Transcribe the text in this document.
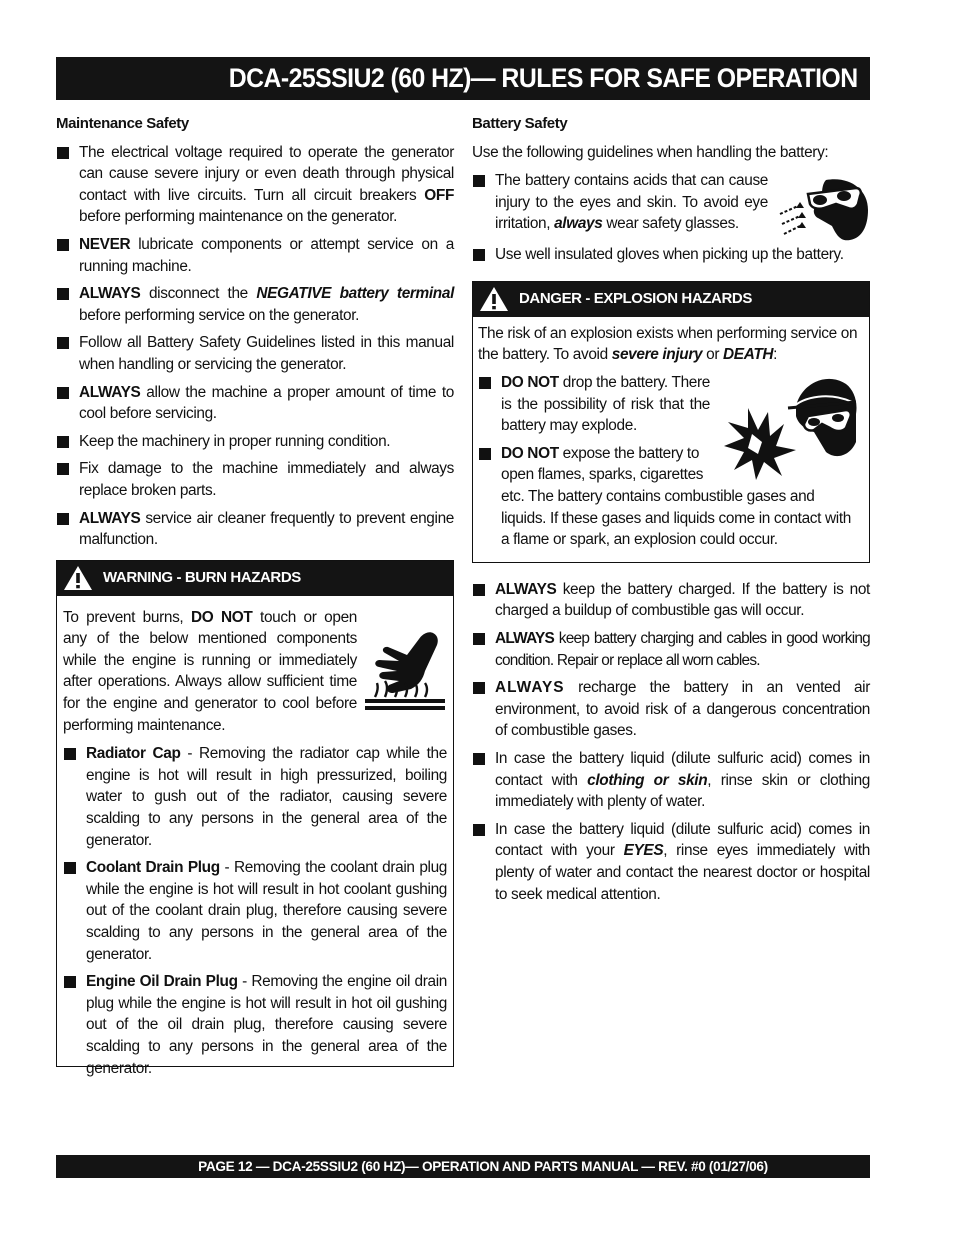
DCA-25SSIU2 (60 HZ)— RULES FOR SAFE OPERATION
Maintenance Safety
The electrical voltage required to operate the generator can cause severe injury or even death through physical contact with live circuits. Turn all circuit breakers OFF before performing maintenance on the generator.
NEVER lubricate components or attempt service on a running machine.
ALWAYS disconnect the NEGATIVE battery terminal before performing service on the generator.
Follow all Battery Safety Guidelines listed in this manual when handling or servicing the generator.
ALWAYS allow the machine a proper amount of time to cool before servicing.
Keep the machinery in proper running condition.
Fix damage to the machine immediately and always replace broken parts.
ALWAYS service air cleaner frequently to prevent engine malfunction.
WARNING - BURN HAZARDS
To prevent burns, DO NOT touch or open any of the below mentioned components while the engine is running or immediately after operations. Always allow sufficient time for the engine and generator to cool before performing maintenance.
Radiator Cap - Removing the radiator cap while the engine is hot will result in high pressurized, boiling water to gush out of the radiator, causing severe scalding to any persons in the general area of the generator.
Coolant Drain Plug - Removing the coolant drain plug while the engine is hot will result in hot coolant gushing out of the coolant drain plug, therefore causing severe scalding to any persons in the general area of the generator.
Engine Oil Drain Plug - Removing the engine oil drain plug while the engine is hot will result in hot oil gushing out of the oil drain plug, therefore causing severe scalding to any persons in the general area of the generator.
Battery Safety
Use the following guidelines when handling the battery:
The battery contains acids that can cause injury to the eyes and skin. To avoid eye irritation, always wear safety glasses.
Use well insulated gloves when picking up the battery.
DANGER - EXPLOSION HAZARDS
The risk of an explosion exists when performing service on the battery. To avoid severe injury or DEATH:
DO NOT drop the battery. There is the possibility of risk that the battery may explode.
DO NOT expose the battery to open flames, sparks, cigarettes etc. The battery contains combustible gases and liquids. If these gases and liquids come in contact with a flame or spark, an explosion could occur.
ALWAYS keep the battery charged. If the battery is not charged a buildup of combustible gas will occur.
ALWAYS keep battery charging and cables in good working condition. Repair or replace all worn cables.
ALWAYS recharge the battery in an vented air environment, to avoid risk of a dangerous concentration of combustible gases.
In case the battery liquid (dilute sulfuric acid) comes in contact with clothing or skin, rinse skin or clothing immediately with plenty of water.
In case the battery liquid (dilute sulfuric acid) comes in contact with your EYES, rinse eyes immediately with plenty of water and contact the nearest doctor or hospital to seek medical attention.
PAGE 12 — DCA-25SSIU2 (60 HZ)— OPERATION AND PARTS MANUAL — REV. #0 (01/27/06)
